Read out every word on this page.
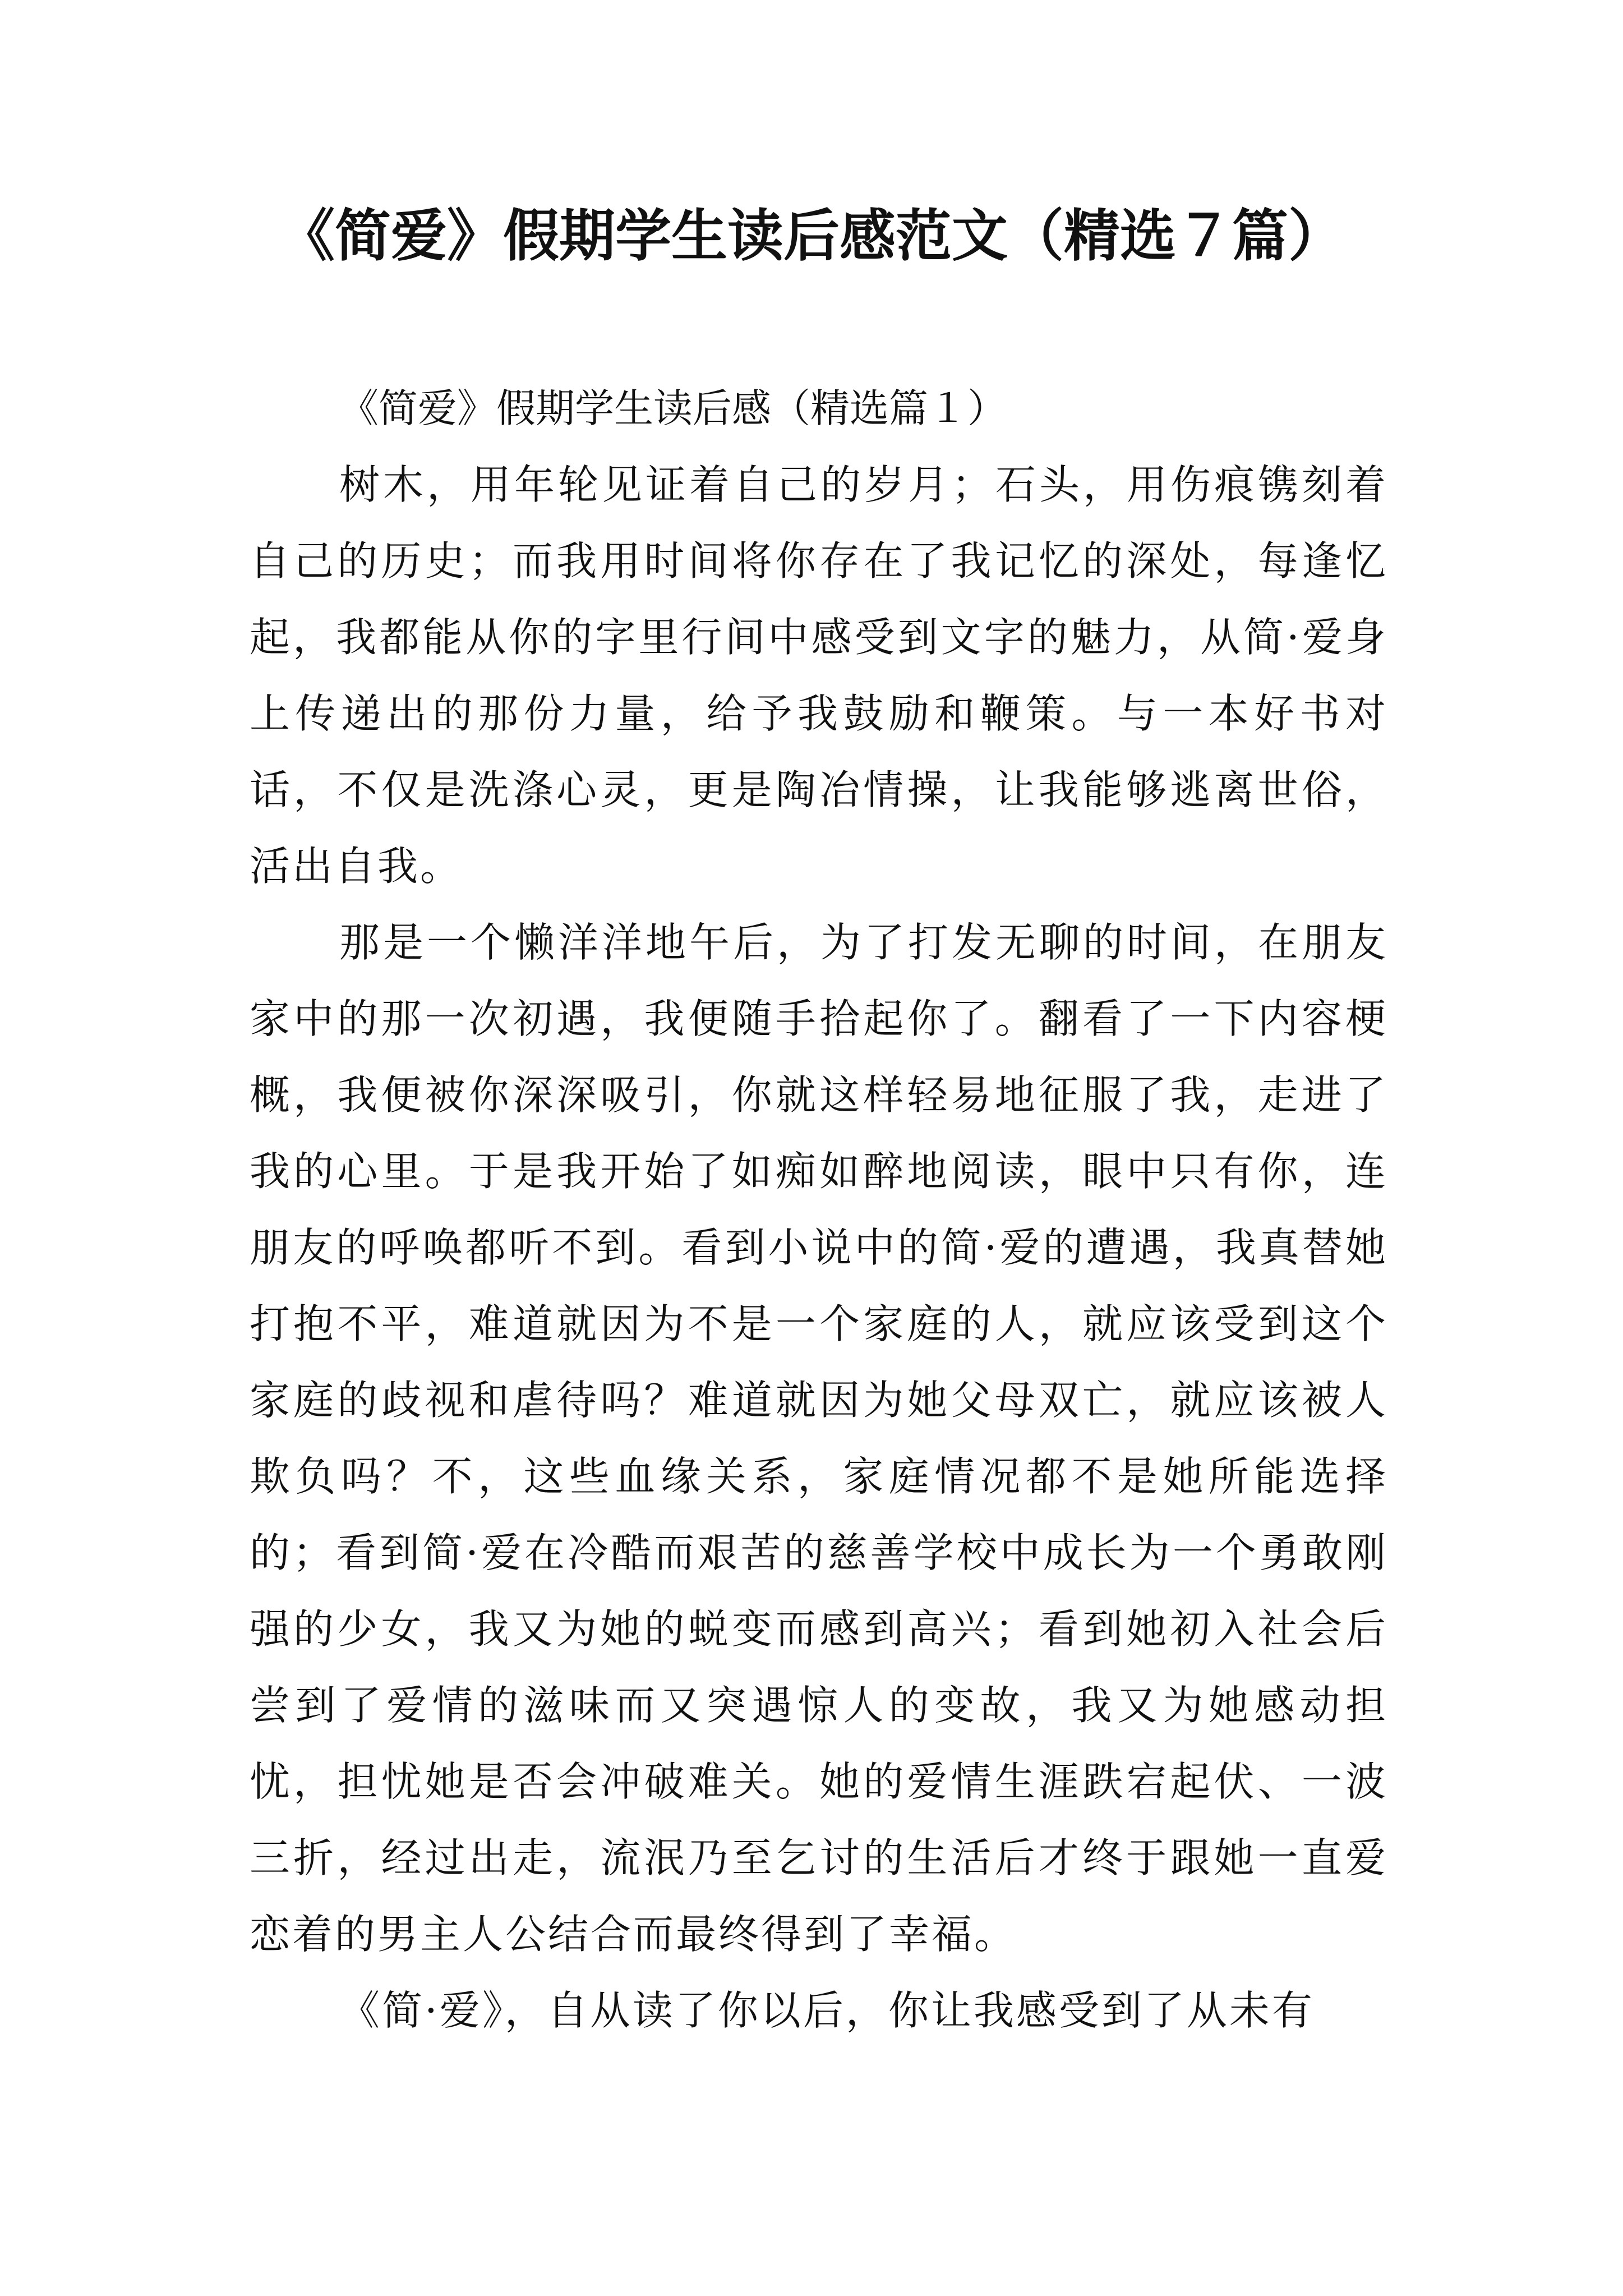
《简爱》假期学生读后感范文（精选７篇）

《简爱》假期学生读后感（精选篇１）

树木，用年轮见证着自己的岁月；石头，用伤痕镌刻着自己的历史；而我用时间将你存在了我记忆的深处，每逢忆起，我都能从你的字里行间中感受到文字的魅力，从简·爱身上传递出的那份力量，给予我鼓励和鞭策。与一本好书对话，不仅是洗涤心灵，更是陶冶情操，让我能够逃离世俗，活出自我。

那是一个懒洋洋地午后，为了打发无聊的时间，在朋友家中的那一次初遇，我便随手拾起你了。翻看了一下内容梗概，我便被你深深吸引，你就这样轻易地征服了我，走进了我的心里。于是我开始了如痴如醉地阅读，眼中只有你，连朋友的呼唤都听不到。看到小说中的简·爱的遭遇，我真替她打抱不平，难道就因为不是一个家庭的人，就应该受到这个家庭的歧视和虐待吗？难道就因为她父母双亡，就应该被人欺负吗？不，这些血缘关系，家庭情况都不是她所能选择的；看到简·爱在冷酷而艰苦的慈善学校中成长为一个勇敢刚强的少女，我又为她的蜕变而感到高兴；看到她初入社会后尝到了爱情的滋味而又突遇惊人的变故，我又为她感动担忧，担忧她是否会冲破难关。她的爱情生涯跌宕起伏、一波三折，经过出走，流泯乃至乞讨的生活后才终于跟她一直爱恋着的男主人公结合而最终得到了幸福。

《简·爱》，自从读了你以后，你让我感受到了从未有
